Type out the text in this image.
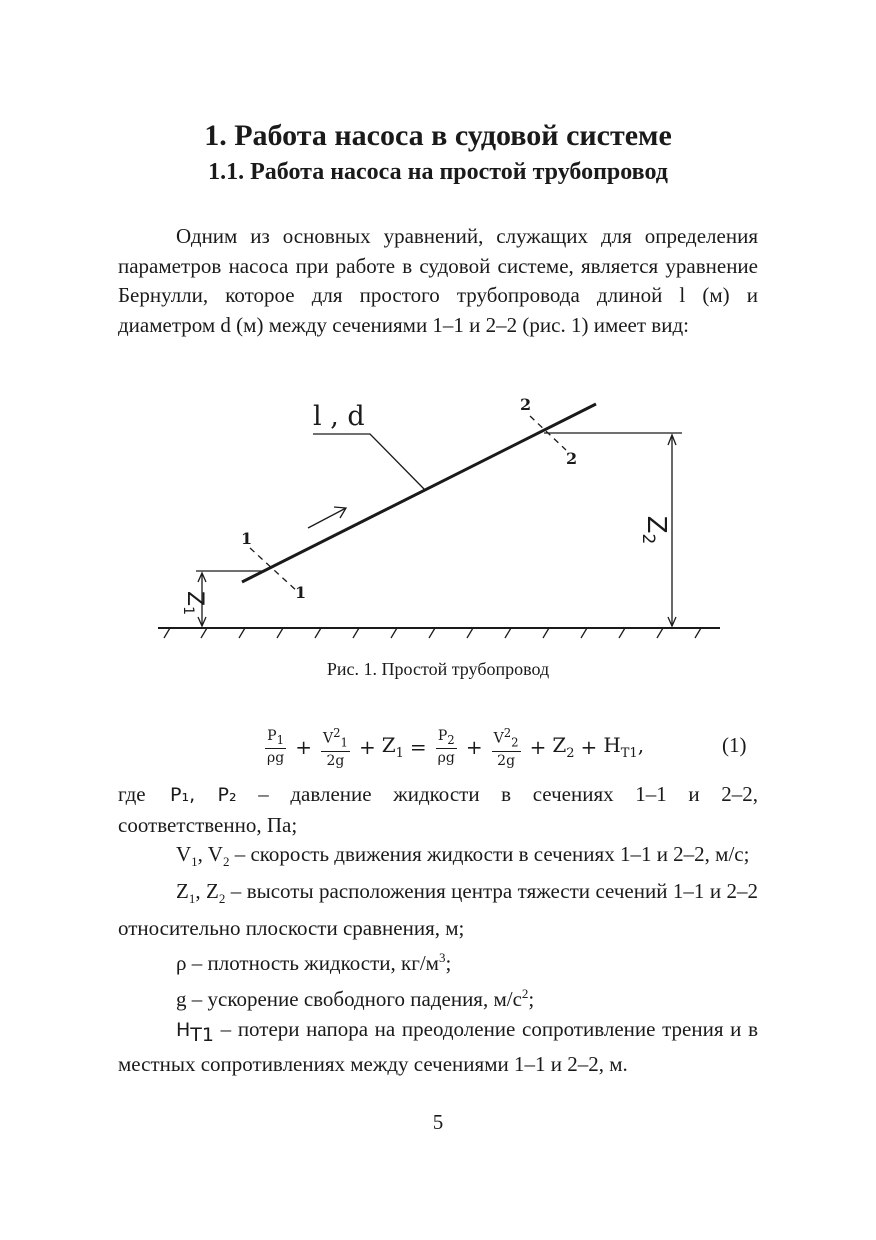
1. Работа насоса в судовой системе
1.1. Работа насоса на простой трубопровод
Одним из основных уравнений, служащих для определения параметров насоса при работе в судовой системе, является уравнение Бернулли, которое для простого трубопровода длиной l (м) и диаметром d (м) между сечениями 1–1 и 2–2 (рис. 1) имеет вид:
l , d
1
1
2
2
Z1
Z2
Рис. 1. Простой трубопровод
$\frac{P_1}{\rho g} + \frac{V^2_1}{2g} + Z_1 = \frac{P_2}{\rho g} + \frac{V^2_2}{2g} + Z_2 + H_{T1}$,	(1)

где P₁, P₂ – давление жидкости в сечениях 1–1 и 2–2, соответственно, Па;

$V_1$, $V_2$ – скорость движения жидкости в сечениях 1–1 и 2–2, м/с;

$Z_1$, $Z_2$ – высоты расположения центра тяжести сечений 1–1 и 2–2 относительно плоскости сравнения, м;

ρ – плотность жидкости, $кг/м^3$;

g – ускорение свободного падения, $м/с^2$;

$H_{T1}$ – потери напора на преодоление сопротивление трения и в местных сопротивлениях между сечениями 1–1 и 2–2, м.

5
